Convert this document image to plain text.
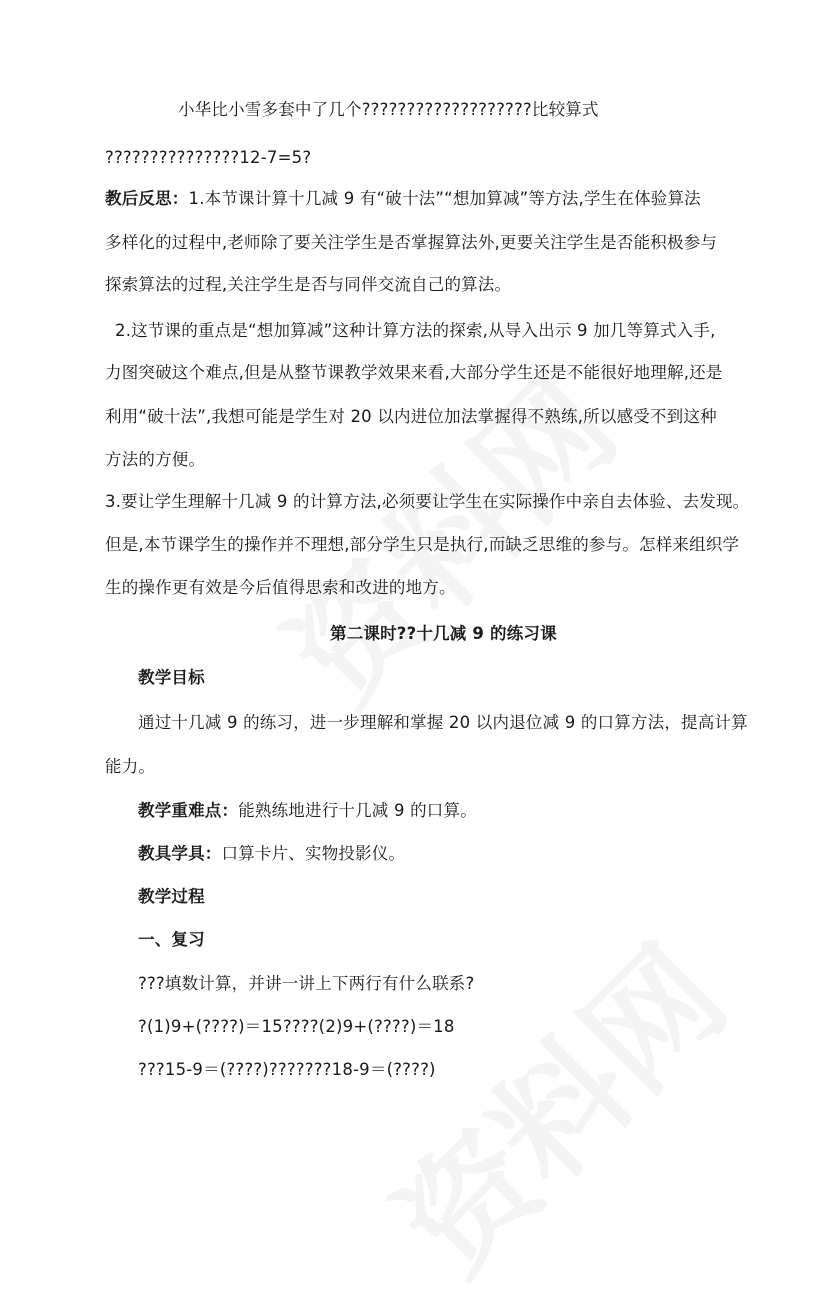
小华比小雪多套中了几个???????????????????比较算式
???????????????12-7=5?
教后反思：1.本节课计算十几减 9 有“破十法”“想加算减”等方法,学生在体验算法
多样化的过程中,老师除了要关注学生是否掌握算法外,更要关注学生是否能积极参与
探索算法的过程,关注学生是否与同伴交流自己的算法。
2.这节课的重点是“想加算减”这种计算方法的探索,从导入出示 9 加几等算式入手,
力图突破这个难点,但是从整节课教学效果来看,大部分学生还是不能很好地理解,还是
利用“破十法”,我想可能是学生对 20 以内进位加法掌握得不熟练,所以感受不到这种
方法的方便。
3.要让学生理解十几减 9 的计算方法,必须要让学生在实际操作中亲自去体验、去发现。
但是,本节课学生的操作并不理想,部分学生只是执行,而缺乏思维的参与。怎样来组织学
生的操作更有效是今后值得思索和改进的地方。
第二课时??十几减 9 的练习课
教学目标
通过十几减 9 的练习，进一步理解和掌握 20 以内退位减 9 的口算方法，提高计算
能力。
教学重难点：能熟练地进行十几减 9 的口算。
教具学具：口算卡片、实物投影仪。
教学过程
一、复习
???填数计算，并讲一讲上下两行有什么联系?
?(1)9+(????)＝15????(2)9+(????)＝18
???15-9＝(????)???????18-9＝(????)
